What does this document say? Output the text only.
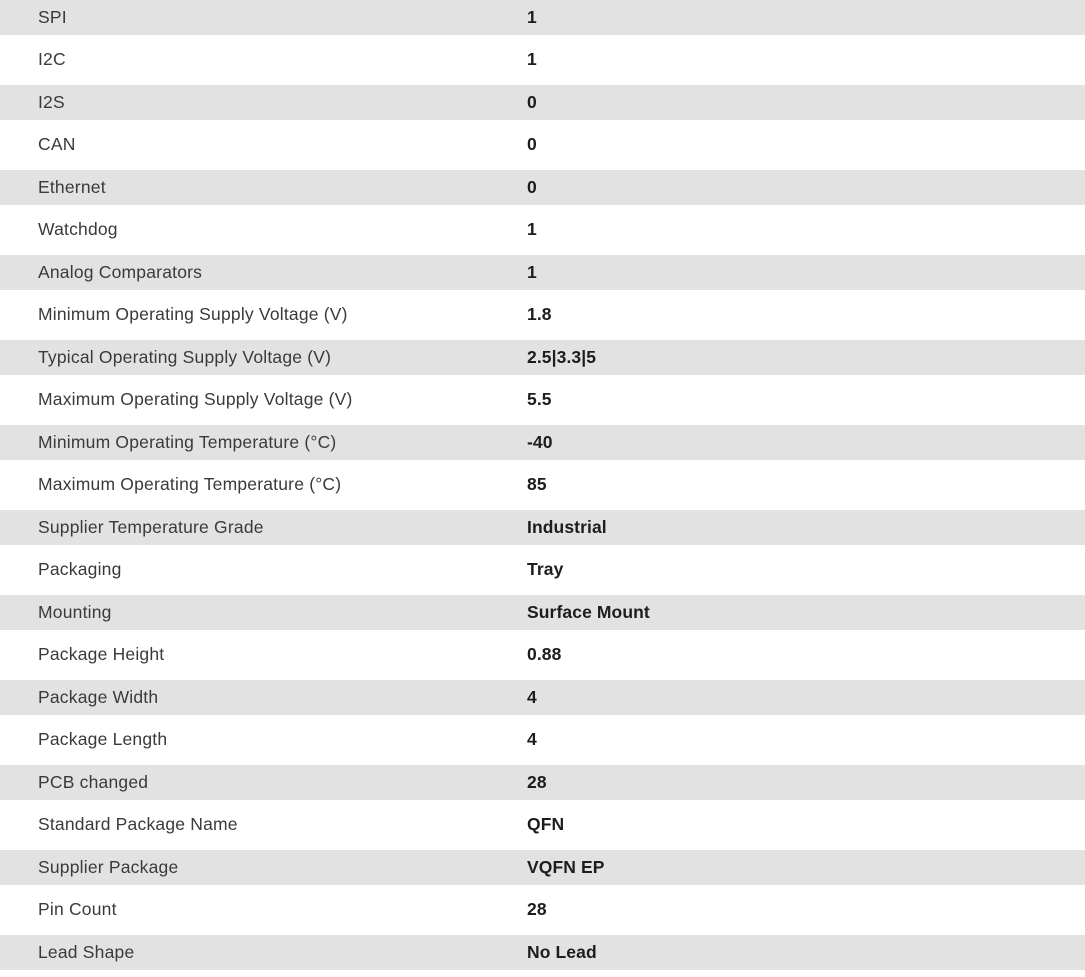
SPI	1
I2C	1
I2S	0
CAN	0
Ethernet	0
Watchdog	1
Analog Comparators	1
Minimum Operating Supply Voltage (V)	1.8
Typical Operating Supply Voltage (V)	2.5|3.3|5
Maximum Operating Supply Voltage (V)	5.5
Minimum Operating Temperature (°C)	-40
Maximum Operating Temperature (°C)	85
Supplier Temperature Grade	Industrial
Packaging	Tray
Mounting	Surface Mount
Package Height	0.88
Package Width	4
Package Length	4
PCB changed	28
Standard Package Name	QFN
Supplier Package	VQFN EP
Pin Count	28
Lead Shape	No Lead
